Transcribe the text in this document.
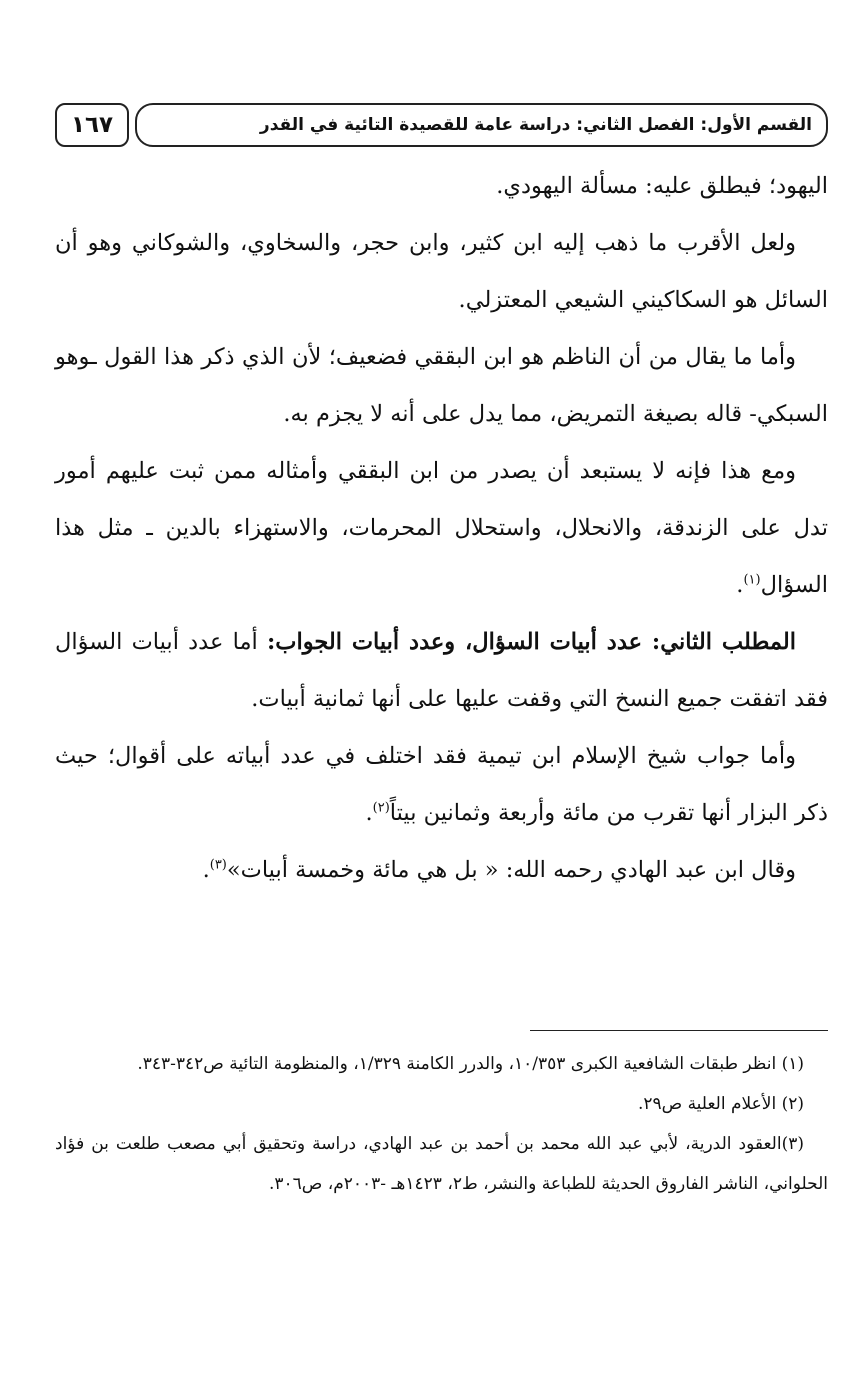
١٦٧	القسم الأول: الفصل الثاني: دراسة عامة للقصيدة التائية في القدر

اليهود؛ فيطلق عليه: مسألة اليهودي.

ولعل الأقرب ما ذهب إليه ابن كثير، وابن حجر، والسخاوي، والشوكاني وهو أن السائل هو السكاكيني الشيعي المعتزلي.

وأما ما يقال من أن الناظم هو ابن البققي فضعيف؛ لأن الذي ذكر هذا القول ـوهو السبكي- قاله بصيغة التمريض، مما يدل على أنه لا يجزم به.

ومع هذا فإنه لا يستبعد أن يصدر من ابن البققي وأمثاله ممن ثبت عليهم أمور تدل على الزندقة، والانحلال، واستحلال المحرمات، والاستهزاء بالدين ـ مثل هذا السؤال$^{(١)}$.

المطلب الثاني: عدد أبيات السؤال، وعدد أبيات الجواب: أما عدد أبيات السؤال فقد اتفقت جميع النسخ التي وقفت عليها على أنها ثمانية أبيات.

وأما جواب شيخ الإسلام ابن تيمية فقد اختلف في عدد أبياته على أقوال؛ حيث ذكر البزار أنها تقرب من مائة وأربعة وثمانين بيتاً$^{(٢)}$.

وقال ابن عبد الهادي رحمه الله: « بل هي مائة وخمسة أبيات»$^{(٣)}$.

(١) انظر طبقات الشافعية الكبرى ١٠/٣٥٣، والدرر الكامنة ١/٣٢٩، والمنظومة التائية ص٣٤٢-٣٤٣.

(٢) الأعلام العلية ص٢٩.

(٣)العقود الدرية، لأبي عبد الله محمد بن أحمد بن عبد الهادي، دراسة وتحقيق أبي مصعب طلعت بن فؤاد الحلواني، الناشر الفاروق الحديثة للطباعة والنشر، ط٢، ١٤٢٣هـ -٢٠٠٣م، ص٣٠٦.
